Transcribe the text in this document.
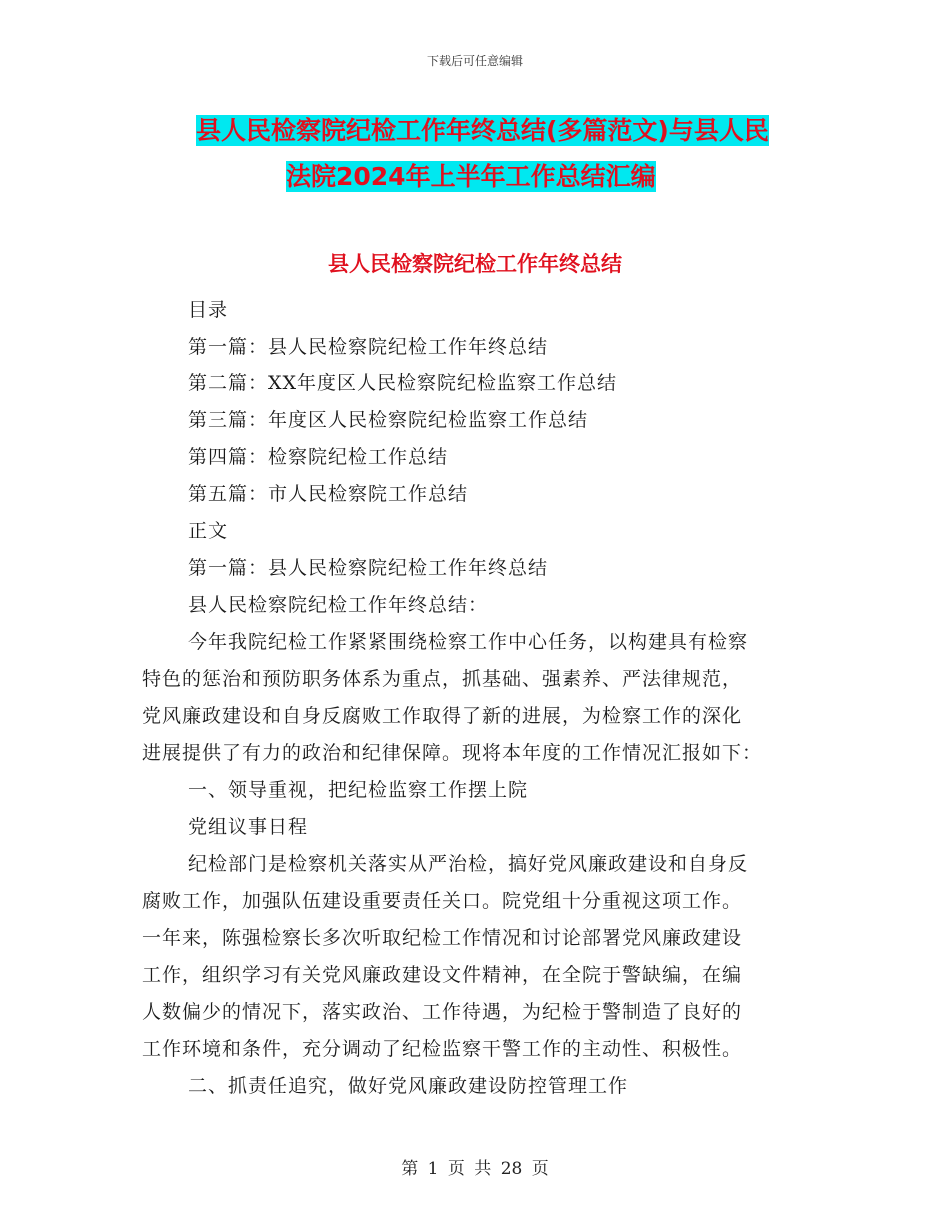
下载后可任意编辑
县人民检察院纪检工作年终总结(多篇范文)与县人民
法院2024年上半年工作总结汇编
县人民检察院纪检工作年终总结
目录
第一篇：县人民检察院纪检工作年终总结
第二篇：XX年度区人民检察院纪检监察工作总结
第三篇：年度区人民检察院纪检监察工作总结
第四篇：检察院纪检工作总结
第五篇：市人民检察院工作总结
正文
第一篇：县人民检察院纪检工作年终总结
县人民检察院纪检工作年终总结：
今年我院纪检工作紧紧围绕检察工作中心任务，以构建具有检察
特色的惩治和预防职务体系为重点，抓基础、强素养、严法律规范，
党风廉政建设和自身反腐败工作取得了新的进展，为检察工作的深化
进展提供了有力的政治和纪律保障。现将本年度的工作情况汇报如下：
一、领导重视，把纪检监察工作摆上院
党组议事日程
纪检部门是检察机关落实从严治检，搞好党风廉政建设和自身反
腐败工作，加强队伍建设重要责任关口。院党组十分重视这项工作。
一年来，陈强检察长多次听取纪检工作情况和讨论部署党风廉政建设
工作，组织学习有关党风廉政建设文件精神，在全院于警缺编，在编
人数偏少的情况下，落实政治、工作待遇，为纪检于警制造了良好的
工作环境和条件，充分调动了纪检监察干警工作的主动性、积极性。
二、抓责任追究，做好党风廉政建设防控管理工作
第 1 页 共 28 页
